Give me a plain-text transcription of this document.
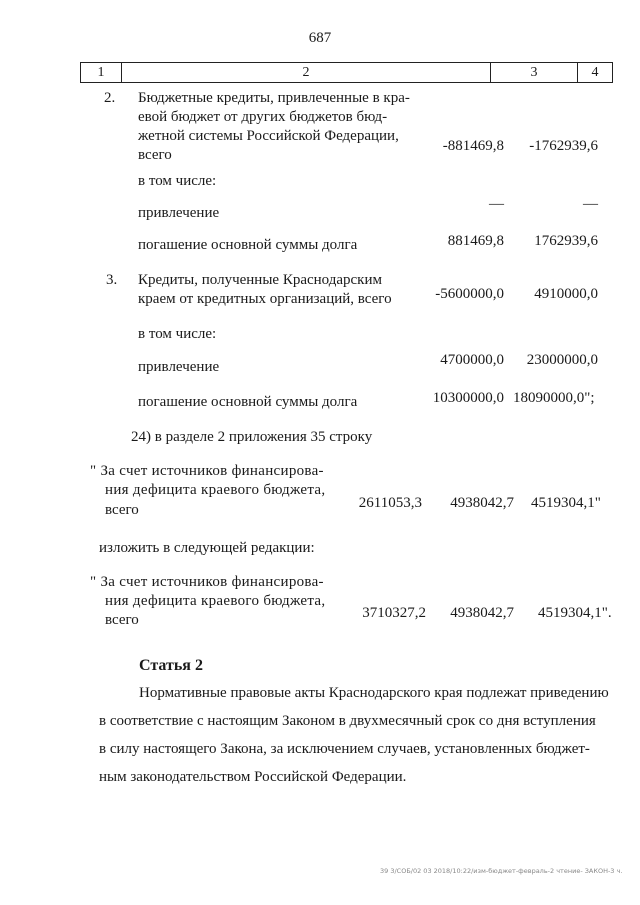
687
1	2	3	4
2. Бюджетные кредиты, привлеченные в кра-
евой бюджет от других бюджетов бюд-
жетной системы Российской Федерации,
всего
-881469,8	-1762939,6
в том числе:
привлечение
—	—
погашение основной суммы долга	881469,8	1762939,6
3. Кредиты, полученные Краснодарским
краем от кредитных организаций, всего	-5600000,0	4910000,0
в том числе:
привлечение	4700000,0	23000000,0
погашение основной суммы долга	10300000,0 18090000,0";
24) в разделе 2 приложения 35 строку
" За счет источников финансирова-
ния дефицита краевого бюджета,
всего	2611053,3	4938042,7 4519304,1"
изложить в следующей редакции:
" За счет источников финансирова-
ния дефицита краевого бюджета,
всего	3710327,2	4938042,7 4519304,1".
Статья 2
Нормативные правовые акты Краснодарского края подлежат приведению
в соответствие с настоящим Законом в двухмесячный срок со дня вступления
в силу настоящего Закона, за исключением случаев, установленных бюджет-
ным законодательством Российской Федерации.
39 3/СОБ/02 03 2018/10:22/изм-бюджет-февраль-2 чтение- ЗАКОН-3 ч.
